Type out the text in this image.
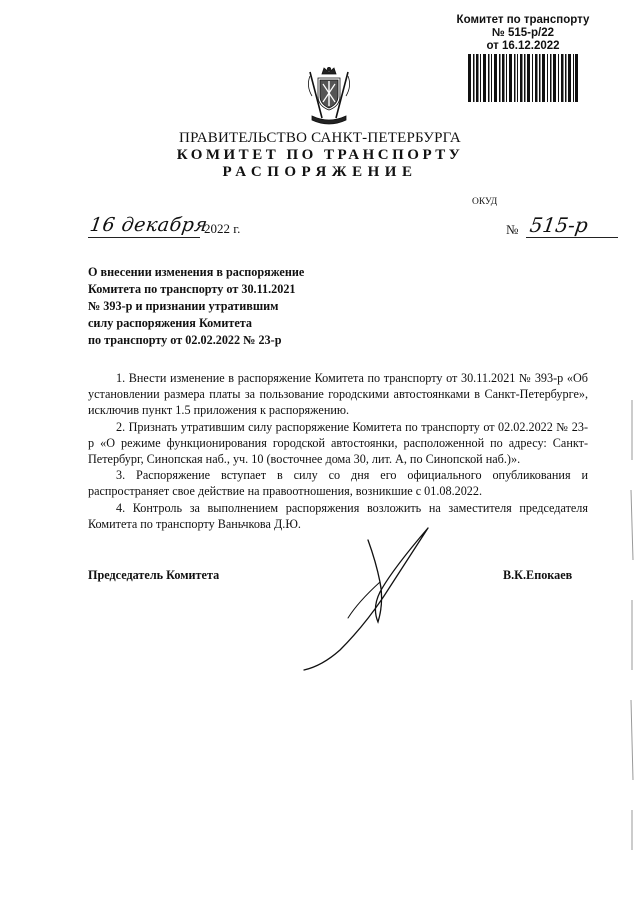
Комитет по транспорту
№ 515-р/22
от 16.12.2022
ПРАВИТЕЛЬСТВО САНКТ-ПЕТЕРБУРГА
КОМИТЕТ ПО ТРАНСПОРТУ
РАСПОРЯЖЕНИЕ
ОКУД
16 декабря
2022 г.	№ 515-р
О внесении изменения в распоряжение
Комитета по транспорту от 30.11.2021
№ 393-р и признании утратившим
силу распоряжения Комитета
по транспорту от 02.02.2022 № 23-р

1. Внести изменение в распоряжение Комитета по транспорту от 30.11.2021 № 393-р «Об установлении размера платы за пользование городскими автостоянками в Санкт-Петербурге», исключив пункт 1.5 приложения к распоряжению.

2. Признать утратившим силу распоряжение Комитета по транспорту от 02.02.2022 № 23-р «О режиме функционирования городской автостоянки, расположенной по адресу: Санкт-Петербург, Синопская наб., уч. 10 (восточнее дома 30, лит. А, по Синопской наб.)».

3. Распоряжение вступает в силу со дня его официального опубликования и распространяет свое действие на правоотношения, возникшие с 01.08.2022.

4. Контроль за выполнением распоряжения возложить на заместителя председателя Комитета по транспорту Ваньчкова Д.Ю.

Председатель Комитета	В.К.Епокаев
